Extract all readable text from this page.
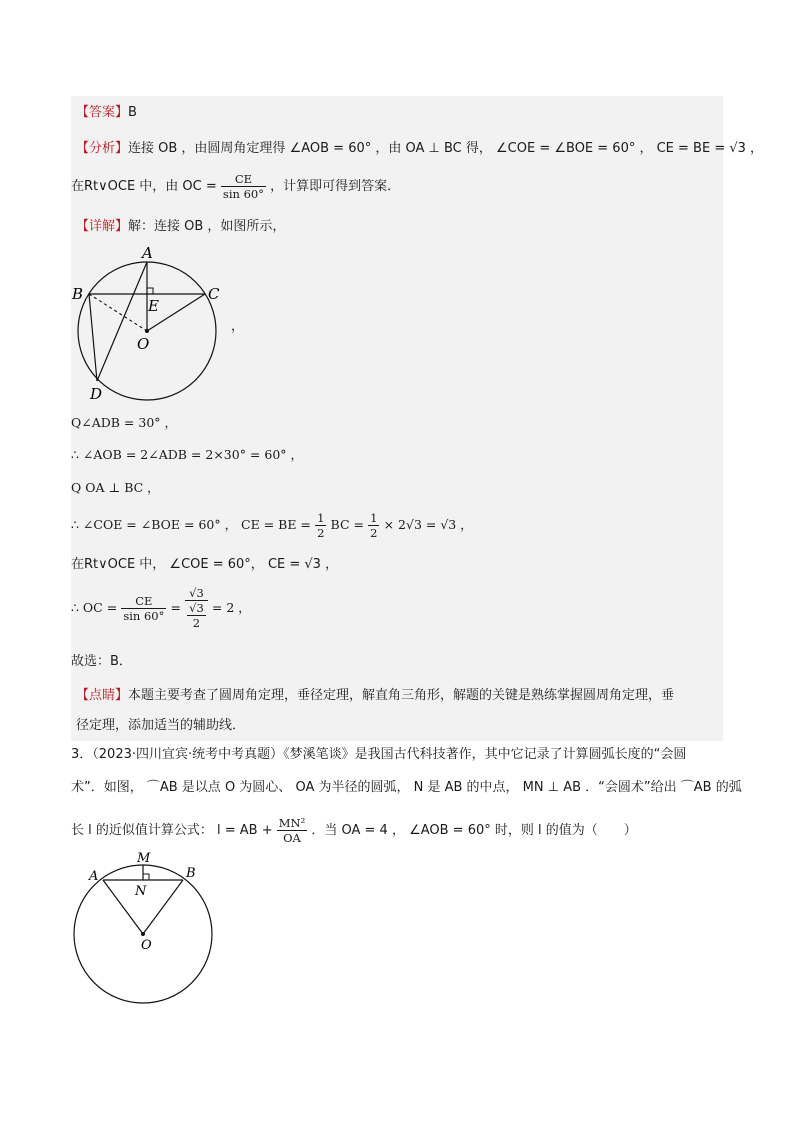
【答案】B
【分析】连接 OB ，由圆周角定理得 ∠AOB = 60° ，由 OA ⊥ BC 得， ∠COE = ∠BOE = 60° ， CE = BE = √3 ，
在Rt∨OCE 中，由 OC = $\frac{CE}{\sin 60^\circ}$ ，计算即可得到答案．
【详解】解：连接 OB ，如图所示，
A
B	C
E
O
D
，
Q∠ADB = 30° ，
∴ ∠AOB = 2∠ADB = 2×30° = 60° ，
Q OA ⊥ BC ，
∴ ∠COE = ∠BOE = 60° ， CE = BE = $\frac{1}{2}$ BC = $\frac{1}{2} \times 2√3 = √3$ ，
在Rt∨OCE 中， ∠COE = 60°， CE = √3 ，
∴ OC = $\frac{CE}{\sin 60^\circ} = \frac{√3}{\frac{√3}{2}} = 2$ ，
故选：B．
【点睛】本题主要考查了圆周角定理，垂径定理，解直角三角形，解题的关键是熟练掌握圆周角定理，垂
径定理，添加适当的辅助线．
3．（2023·四川宜宾·统考中考真题）《梦溪笔谈》是我国古代科技著作，其中它记录了计算圆弧长度的“会圆
术”．如图， ⌒AB 是以点 O 为圆心、 OA 为半径的圆弧， N 是 AB 的中点， MN ⊥ AB ．“会圆术”给出 ⌒AB 的弧
长 l 的近似值计算公式： l = AB + $\frac{\text{MN²}}{OA}$ ．当 OA = 4 ， ∠AOB = 60° 时，则 l 的值为（　　）
M
A	B
N
O
